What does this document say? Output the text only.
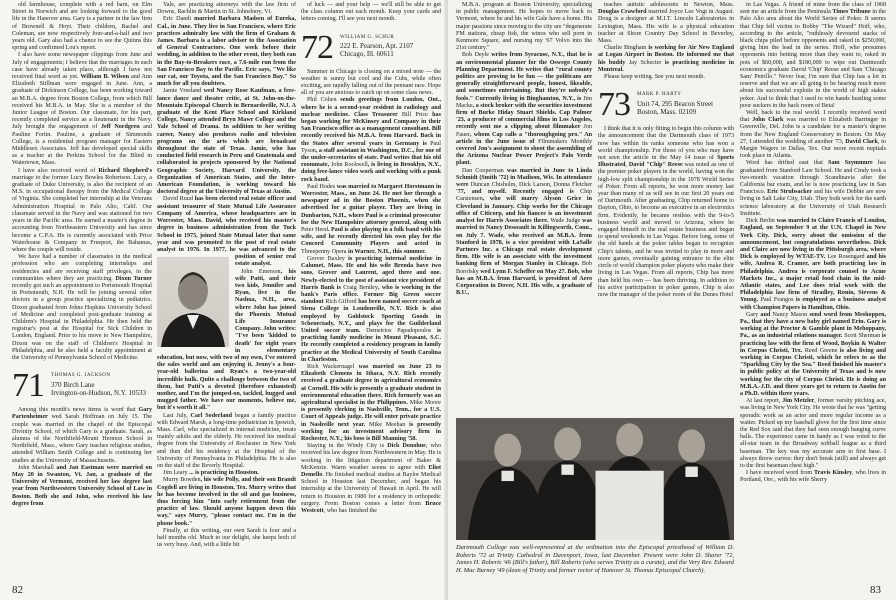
old farmhouse, complete with a red barn, on Elm Street in Norwich and are looking forward to the good life in the Hanover area. Gary is a partner in the law firm of Brownell & Hoyt. Their children, Rachel and Coleman, are now respectively four-and-a-half and two years old. Gary also had a chance to see the Quinns this spring and confirmed Lou's report.

I also have some newspaper clippings from June and July of engagements; I believe that the marriages in each case have already taken place, although I have not received final word as yet. William B. Wilson and Ann Elizabeth Stillman were engaged in June. Ann, a graduate of Dickinson College, has been working toward an M.B.A. degree from Boston College, from which Bill received his M.B.A. in May. She is a member of the Junior League of Boston. Our classmate, for his part, recently completed service as a lieutenant in the Navy. July brought the engagement of Jeff Nordgren and Pauline Fortin. Pauline, a graduate of Simmonds College, is a residential program manager for Eastern Middlesex Associates. Jeff has developed special skills as a teacher at the Perkins School for the Blind in Watertown, Mass.

I have also received word of Richard Shepherd's marriage to the former Lucy Bowles Robertson. Lucy, a graduate of Duke University, is also the recipient of an M.S. in occupational therapy from the Medical College of Virginia. She completed her internship at the Veterans Administration Hospital in Palo Alto, Calif. Our classmate served in the Navy and was stationed for two years in the Pacific area. He earned a master's degree in accounting from Northeastern University and has since become a C.P.A. He is currently associated with Price Waterhouse & Company in Freeport, the Bahamas, where the couple will reside.

We have had a number of classmates in the medical profession who are completing internships and residencies and are receiving staff privileges, in the communities where they are practicing. Dixon Turner recently got such an appointment to Portsmouth Hospital in Portsmouth, N.H. He will be joining several other doctors in a group practice specializing in pediatrics. Dixon graduated from Johns Hopkins University School of Medicine and completed post-graduate training at Children's Hospital in Philadelphia. He then held the registrar's post at the Hospital for Sick Children in London, England. Prior to his move to New Hampshire, Dixon was on the staff of Children's Hospital in Philadelphia, and he also held a faculty appointment at the University of Pennsylvania School of Medicine.

71 THOMAS G. JACKSON
370 Birch Lane
Irvington-on-Hudson, N.Y. 10533

Among this month's news items is word that Gary Partenheimer wed Sarah Hoffman on July 15. The couple was married in the chapel of the Episcopal Divinity School, of which Gary is a graduate. Sarah, as alumna of the Northfield-Mount Hermon School in Northfield, Mass., where Gary teaches religious studies, attended William Smith College and is continuing her studies at the University of Massachusetts.

John Marshall and Jan Eastman were married on May 20 in Swanton, Vt. Jan, a graduate of the University of Vermont, received her law degree last year from Northwestern University School of Law in Boston. Both she and John, who received his law degree from

82

Yale, are practicing attorneys with the law firm of Downs, Rachlin & Martin in St. Johnsbury, Vt.

Eric Dandi married Barbara Madsen of Eureka, Cal., in June. They live in San Francisco, where Eric practices admiralty law with the firm of Graham & James. Barbara is a labor adviser to the Association of General Contractors. One week before their wedding, in addition to the other event, they both ran in the Bay-to-Breakers race, a 7.6-mile run from the San Francisco Bay to the Pacific. Eric says, "We like our cat, our Toyota, and the San Francisco Bay." So much for all you doubters.

Jamie Vreeland wed Nancy Rose Kaufman, a free-lance dance and theater critic, at St. John-on-the-Mountain Episcopal Church in Bernardsville, N.J. A graduate of the Kent Place School and Kirkland College, Nancy attended Bryn Mawr College and the Yale School of Drama. In addition to her writing career, Nancy also produces radio and television programs on the arts which are broadcast throughout the state of Texas. Jamie, who has conducted field research in Peru and Guatemala and collaborated in projects sponsored by the National Geographic Society, Harvard University, the Organization of American States, and the Inter-American Foundation, is working toward his doctoral degree at the University of Texas at Austin.

David Ruud has been elected real estate officer and assistant treasurer of State Mutual Life Assurance Company of America, whose headquarters are in Worcester, Mass. David, who received his master's degree in business administration from the Tuck School in 1975, joined State Mutual later that same year and was promoted to the post of real estate analyst in 1976. In 1977, he was advanced to the position of senior real estate analyst.

John Emerson, his wife Patti, and their two kids, Jennifer and Ryan, live in the Nashua, N.H., area, where John has joined the Phoenix Mutual Life Insurance Company. John writes: "I've been 'kidded to death' for eight years in elementary education, but now, with two of my own, I've entered the sales world and am enjoying it. Jenny's a four-year-old ballerina and Ryan's a two-year-old incredible hulk. Quite a challenge between the two of them, but Patti's a devoted (therefore exhausted) mother, and I'm the jumped-on, tackled, hugged and mugged father. We have our moments, believe me, but it's worth it all."

Last July, Carl Soderland began a family practice with Edward Marsh, a long-time pediatrician in Ipswich, Mass. Carl, who specialized in internal medicine, treats mainly adults and the elderly. He received his medical degree from the University of Rochester in New York and then did his residency at the Hospital of the University of Pennsylvania in Philadelphia. He is also on the staff of the Beverly Hospital.

Jim Leary ... is practicing in Houston.

Murry Bowden, his wife Polly, and their son Brandt Cogdell are living in Houston, Tex. Murry writes that he has become involved in the oil and gas business, thus forcing him "into early retirement from the practice of law. Should anyone happen down this way," says Murry, "please contact me. I'm in the phone book."

Finally, at this writing, our own Sarah is four and a half months old. Much to our delight, she keeps both of us very busy. And, with a little bit

of luck — and your help — we'll still be able to get the class column out each month. Keep your cards and letters coming. I'll see you next month.

72 WILLIAM G. SCHUR
222 E. Pearson, Apt. 2107
Chicago, Ill. 60611

Summer in Chicago is closing on a mixed note — the weather is sunny but cool and the Cubs, while often exciting, are rapidly falling out of the pennant race. Hope all of you are anxious to catch up on some class news.

Phil Cohen sends greetings from London, Ont., where he is a second-year resident in radiology and nuclear medicine. Class Treasurer Bill Price has began working for McKinsey and Company in their San Francisco office as a management consultant. Bill recently received his M.B.A. from Harvard. Back in the States after several years in Germany is Paul Tyson, a staff assistant in Washington, D.C., for one of the under-secretaries of state. Paul writes that his old roommate, John Rockwell, is living in Brooklyn, N.Y., doing free-lance video work and working with a punk rock band.

Paul Hodes was married to Margaret Horstmann in Worcester, Mass., on June 24. He met her through a newspaper ad in the Boston Phoenix, when she advertised for a guitar player. They are living in Dunbarton, N.H., where Paul is a criminal prosecutor for the New Hampshire attorney general, along with Peter Heed. Paul is also playing in a folk band with his wife, and he recently directed his own play for the Concord Community Players and acted in Threepenny Opera in Warner, N.H., this summer.

Grover Baxley is practicing internal medicine in Calumet, Mass. He and his wife Brenda have two sons, Grover and Laurent, aged three and one. Newly-elected to the post of assistant vice president of Harris Bank is Craig Bentley, who is working in the bank's Paris office. Former Big Green soccer standout Rich Gifford has been named soccer coach at Siena College in Loudonville, N.Y. Rich is also employed by Goldstock Sporting Goods in Schenectady, N.Y., and plays for the Guilderland United soccer team. Demetrios Papadopoulos is practicing family medicine in Mount Pleasant, S.C. He recently completed a residency program in family practice at the Medical University of South Carolina in Charleston.

Rich Wackernagel was married on June 23 to Elizabeth Clemens in Ithaca, N.Y. Rich recently received a graduate degree in agricultural economics at Cornell. His wife is presently a graduate student in environmental education there. Rich formerly was an agricultural specialist in the Philippines. Mike Moore is presently clerking in Nashville, Tenn., for a U.S. Court of Appeals judge. He will enter private practice in Nashville next year. Mike Meehan is presently working for an investment advisory firm in Rochester, N.Y.; his boss is Bill Manning '58.

Staying in the Windy City is Dick Donohue, who received his law degree from Northwestern in May. He is working in the litigation department of Baker & McKenzie. Warm weather seems to agree with Eliot Demello. He finished medical studies at Baylor Medical School in Houston last December, and began his internship at the University of Hawaii in April. He will return to Houston in 1980 for a residency in orthopedic surgery. From Boston comes a letter from Bruce Westcott, who has finished the

M.B.A. program at Boston University, specializing in public management. He hopes to move back to Vermont, where he and his wife Gale have a home. His major passions since moving to the city are "degenerate FM stations, cheap fish, the winos who sell porn in Kenmore Square, and nursing my '67 Volvo into the 21st century."

Bob Deyle writes from Syracuse, N.Y., that he is an environmental planner for the Oswego County Planning Department. He writes that "rural county politics are proving to be fun — the politicans are generally straightforward people, honest, likeable, and sometimes entertaining. But they're nobody's fools." Currently living in Binghamton, N.Y., is Jim Macke, a stock broker with the securities investment firm of Burke Hiday Stuart Shields. Cap Palmer '23, a producer of commercial films in Los Angeles, recently sent me a clipping about filmmaker Jon Fauer, whom Cap calls a "thoroughgoing pro." An article in the June issue of Filmmakers Monthly covered Jon's assignment to shoot the assembling of the Arizona Nuclear Power Project's Palo Verde plant.

Dan Cooperman was married in June to Linda Schmidt (Smith '72) in Madison, Wis. In attendance were Duncan Chisholm, Dick Larson, Donna Fletcher '77, and myself. Recently engaged is Chip Carstensen, who will marry Alyson Grice in Cleveland in January. Chip works for the Chicago office of Citicorp, and his fiancee is an investment analyst for Harris Associates there. Wade Judge was married to Nancy Desseault in Killingworth, Conn., on July 7. Wade, who received an M.B.A. from Stanford in 1978, is a vice president with LaSalle Partners Inc. a Chicago real estate development firm. His wife is an associate with the investment banking firm of Morgan Stanley in Chicago. Bob Borofsky wed Lynn F. Scheffer on May 27. Bob, who has an M.B.A. from Harvard, is president of Aero Corporation in Dover, N.H. His wife, a graduate of B.U.,

teaches autistic adolescents in Newton, Mass. Douglas Crawford married Joyce Lee Vogt in August. Doug is a designer at M.I.T. Lincoln Laboratories in Lexington, Mass. His wife is a physical education teacher at Shore Country Day School in Beverley, Mass.

Charlie Bingham is working for Air New England at Logan Airport in Boston. He informed me that his buddy Jay Schecter is practicing medicine in Montreal.

Please keep writing. See you next month.

73 MARK P. HARTY
Unit 74, 295 Beacon Street
Boston, Mass. 02109

I think that it is only fitting to begin this column with the announcement that the Dartmouth class of 1973 now has within its ranks someone who has won a world championship. For those of you who may have not seen the article in the May 14 issue of Sports Illustrated, David "Chip" Reese was noted as one of the premier poker players in the world, having won the high-low split championship in the 1978 World Series of Poker. From all reports, he won more money last year than many of us will see in our first 20 years out of Dartmouth. After graduating, Chip returned home to Dayton, Ohio, to become an executive in an electronics firm. Evidently, he became restless with the 9-to-5 business world and moved to Arizona, where he engaged himself in the real estate business and began to spend weekends in Las Vegas. Before long, some of the old hands at the poker tables began to recognize Chip's talents, and he was invited to play in more and more games, eventually gaining entrance to the elite circle of world champion poker players who make their living in Las Vegas. From all reports, Chip has more than held his own — has been thriving. In addition to his active participation in poker games, Chip is also now the manager of the poker room of the Dunes Hotel

Dartmouth College was well-represented at the ordination into the Episcopal priesthood of William D. Roberts '72 at Trinity Cathedral in Davenport, Iowa, last December. Present were John D. Sharer '72, James H. Roberts '46 (Bill's father), Bill Roberts (who serves Trinity as a curate), and the Very Rev. Edward H. Mac Burney '49 (dean of Trinity and former rector of Hanover St. Thomas Episcopal Church).

in Las Vegas. A friend of mine from the class of 1968 sent me an article from the Peninsula Times Tribune in the Palo Alto area about the World Series of Poker. It seems that Chip fell victim to Bobby "The Wizard" Hoff, who, according to the article, "ruthlessly devoured stacks of black chips piled before opponents and raked in $250,000, giving him the lead in the series. Hoff, who presumes opponents into betting more than they want to, raked in pots of $60,000, and $180,000 to wipe out Dartmouth economics graduate David 'Chip' Reese and Sam 'Chicago Sam' Petrillo." Never fear, I'm sure that Chip has a lot in reserve and that we are all going to be hearing much more about his successful exploits in the world of high stakes poker. And to think that I used to win hands hustling some poor suckers in the back room of Beta!

Well, back to the real world. I recently received word that John Clark was married to Elizabeth Barringer in Greenville, Del. John is a candidate for a master's degree from the New England Conservatory in Boston. On May 27, I attended the wedding of another '73, David Clark, to Margie Wagers in Dallas, Tex. Our more recent nuptials took place in Atlanta.

Word has drifted east that Sam Szymmure has graduated from Stanford Law School. He and Cindy took a two-month vacation through Scandinavia after the California bar exam, and he is now practicing law in San Francisco. Eric Strubsacker and his wife Debbie are now living in Salt Lake City, Utah. They both work for the earth science laboratory at the University of Utah Research Institute.

Dick Berlin was married to Claire Francis of London, England, on September 9 at the U.N. Chapel in New York City. Dick, sorry about the omission of the announcement, but congratulations nevertheless. Dick and Claire are now living in the Pittsburgh area, where Dick is employed by WTAE-TV. Lee Rosengard and his wife, Andrea R. Cramer, are both practicing law in Philadelphia. Andrea is corporate counsel to Acme Markets Inc., a major retail food chain in the mid-Atlantic states, and Lee does trial work with the Philadelphia law firm of Stradley, Ronin, Stevens & Young. Paul Frangos is employed as a business analyst with Champion Papers in Hamilton, Ohio.

Gary and Nancy Mason send word from Meshoppen, Pa., that they have a new baby girl named Erin. Gary is working at the Proctor & Gamble plant in Mehoppany, Pa., as an industrial relations manager. Scott Sherman is practicing law with the firm of Wood, Boykin & Walter in Corpus Christi, Tex. Reed Greene is also living and working in Corpus Christi, which he refers to as the "Sparkling City by the Sea." Reed finished his master's in public policy at the University of Texas and is now working for the city of Corpus Christi. He is doing an M.B.A.-J.D. and three years get to return to Austin for a Ph.D. within three years.

At last report, Jim Metzler, former varsity pitching ace, was living in New York City. He wrote that he was "getting sporadic work as an actor and more regular income as a waiter. Picked up my baseball glove for the first time since the Red Sox said that they had seen enough hanging curve balls. The experience came in handy as I was voted to the all-star team in the Broadway softball league as a third baseman. The key was my accurate arm to first base. I always throw curves: they don't break (still) and always get to the first baseman chest high."

I have received word from Travis Kinsley, who lives in Portland, Ore., with his wife Sherry

83
